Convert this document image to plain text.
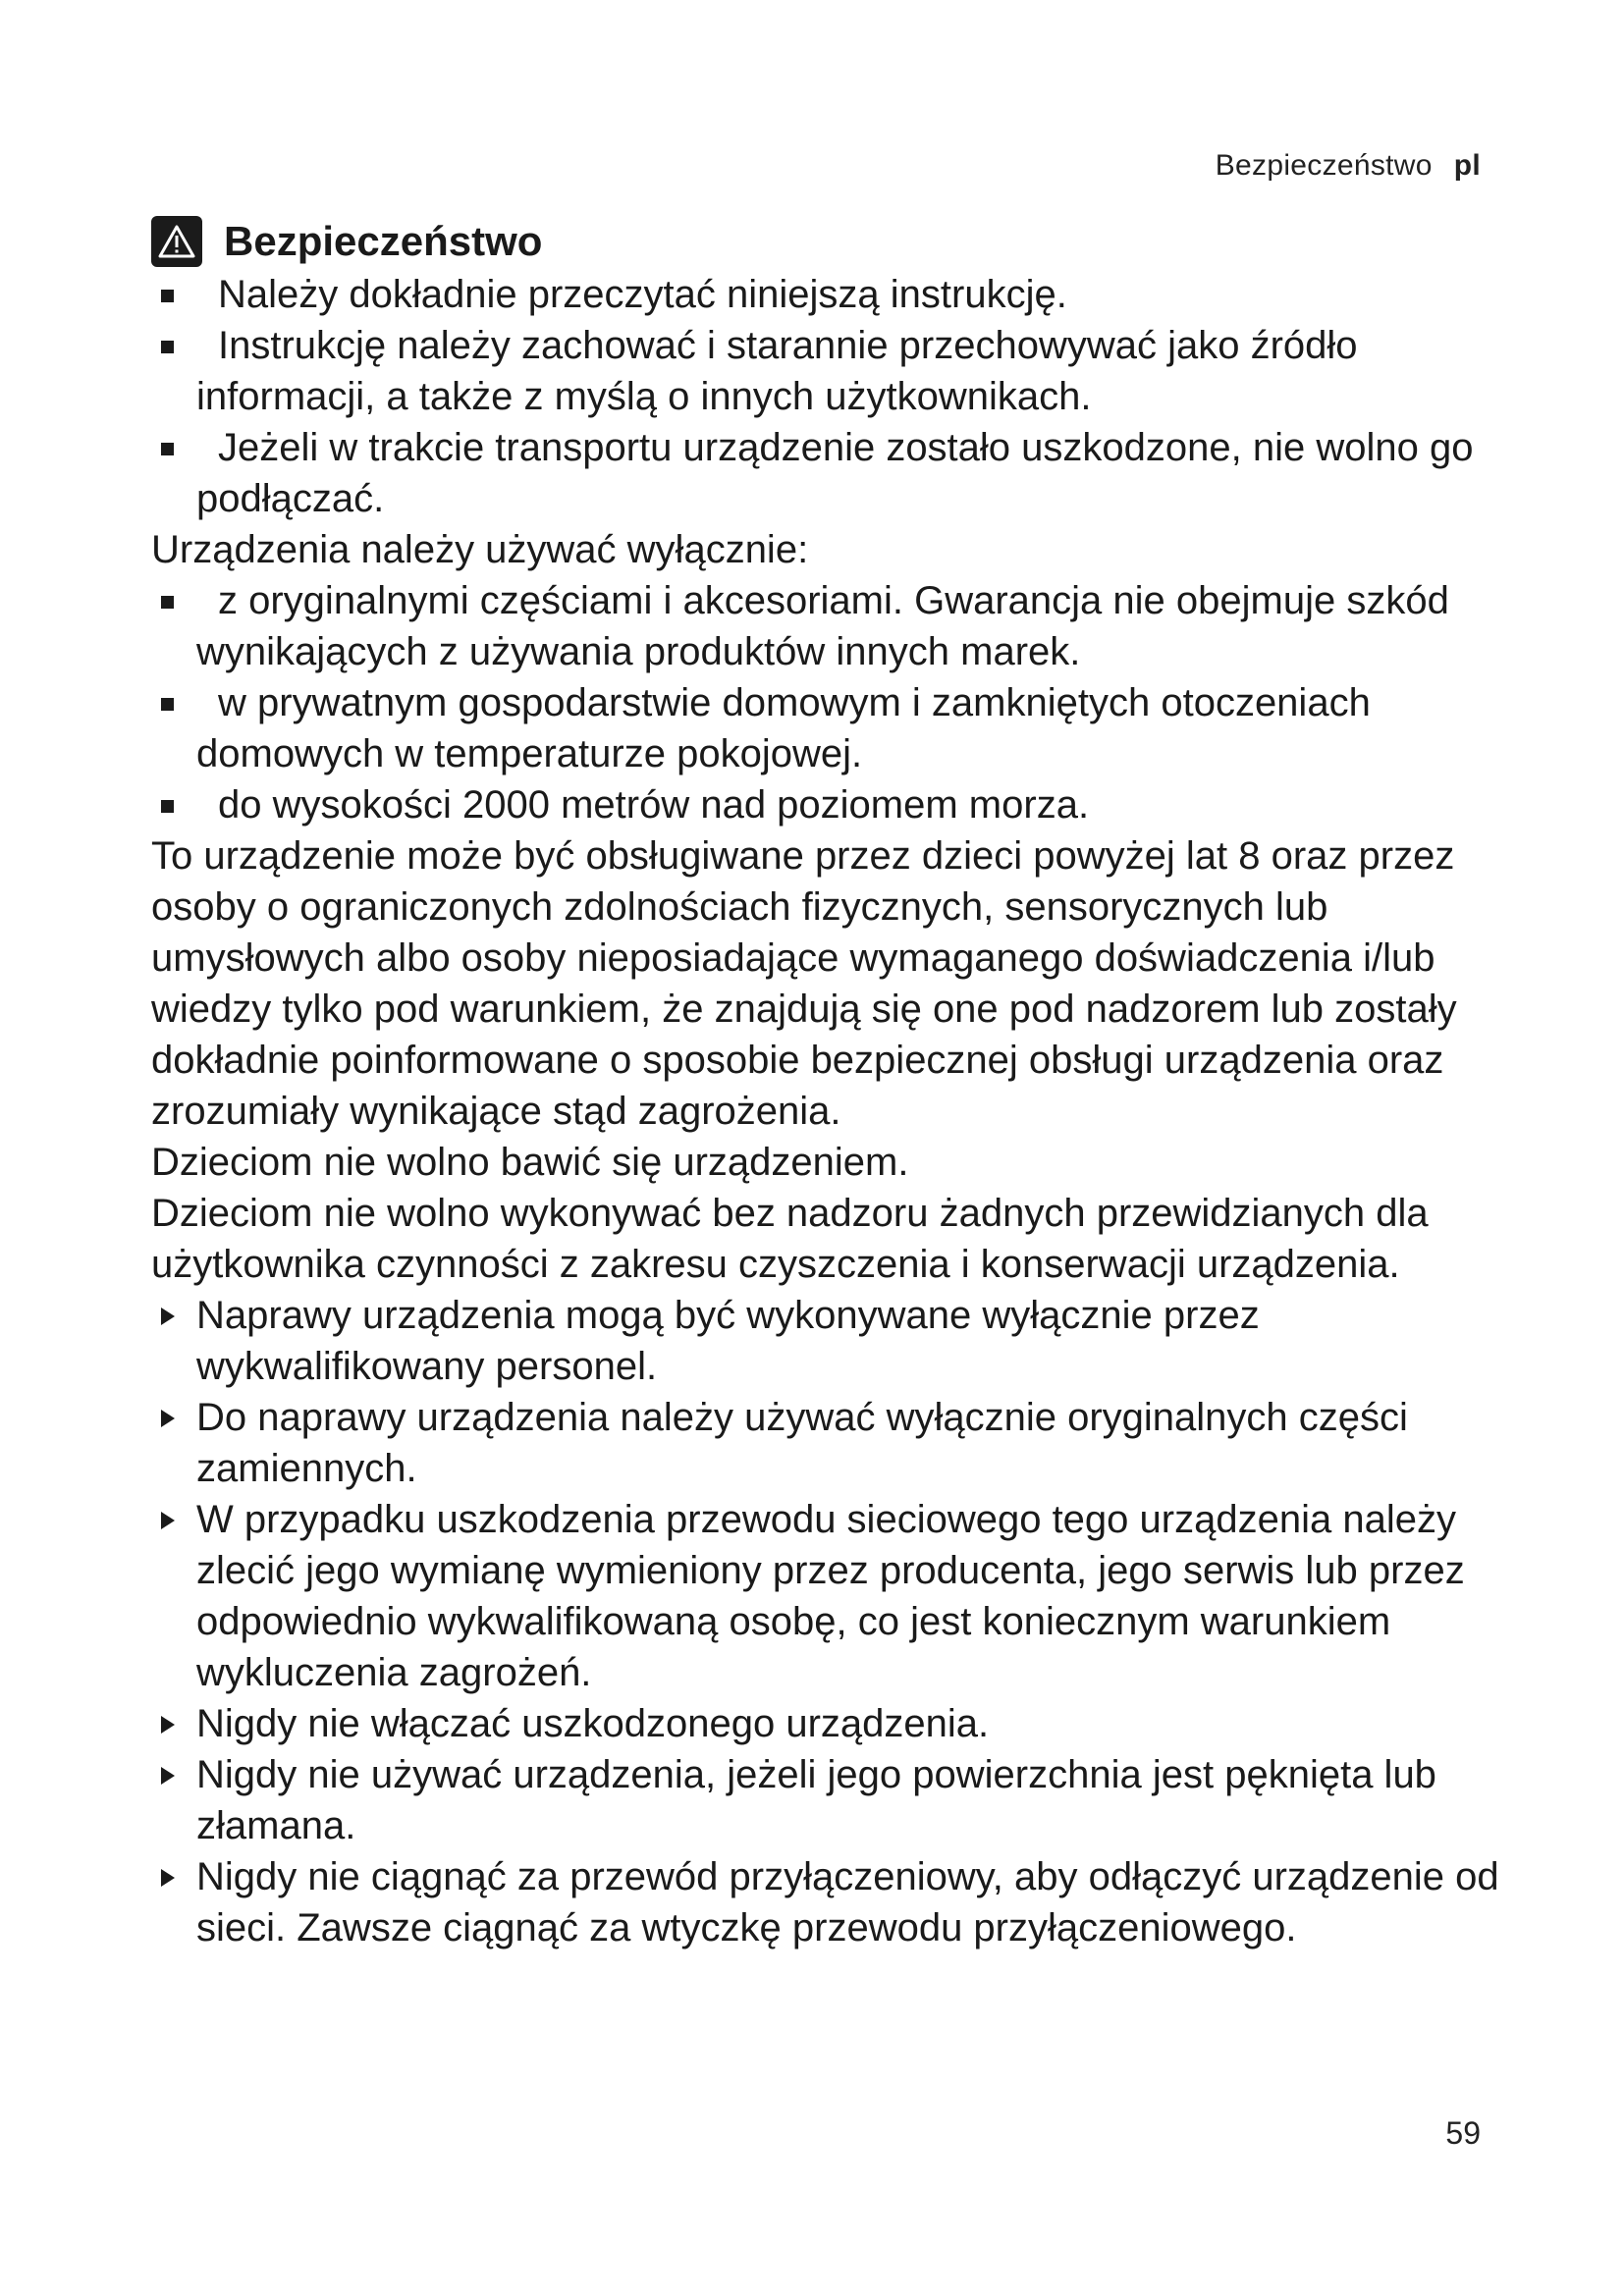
Bezpieczeństwo pl
Bezpieczeństwo
Należy dokładnie przeczytać niniejszą instrukcję.
Instrukcję należy zachować i starannie przechowywać jako źródło informacji, a także z myślą o innych użytkownikach.
Jeżeli w trakcie transportu urządzenie zostało uszkodzone, nie wolno go podłączać.

Urządzenia należy używać wyłącznie:

z oryginalnymi częściami i akcesoriami. Gwarancja nie obejmuje szkód wynikających z używania produktów innych marek.
w prywatnym gospodarstwie domowym i zamkniętych otoczeniach domowych w temperaturze pokojowej.
do wysokości 2000 metrów nad poziomem morza.

To urządzenie może być obsługiwane przez dzieci powyżej lat 8 oraz przez osoby o ograniczonych zdolnościach fizycznych, sensorycznych lub umysłowych albo osoby nieposiadające wymaganego doświadczenia i/lub wiedzy tylko pod warunkiem, że znajdują się one pod nadzorem lub zostały dokładnie poinformowane o sposobie bezpiecznej obsługi urządzenia oraz zrozumiały wynikające stąd zagrożenia.

Dzieciom nie wolno bawić się urządzeniem.

Dzieciom nie wolno wykonywać bez nadzoru żadnych przewidzianych dla użytkownika czynności z zakresu czyszczenia i konserwacji urządzenia.

Naprawy urządzenia mogą być wykonywane wyłącznie przez wykwalifikowany personel.
Do naprawy urządzenia należy używać wyłącznie oryginalnych części zamiennych.
W przypadku uszkodzenia przewodu sieciowego tego urządzenia należy zlecić jego wymianę wymieniony przez producenta, jego serwis lub przez odpowiednio wykwalifikowaną osobę, co jest koniecznym warunkiem wykluczenia zagrożeń.
Nigdy nie włączać uszkodzonego urządzenia.
Nigdy nie używać urządzenia, jeżeli jego powierzchnia jest pęknięta lub złamana.
Nigdy nie ciągnąć za przewód przyłączeniowy, aby odłączyć urządzenie od sieci. Zawsze ciągnąć za wtyczkę przewodu przyłączeniowego.
59
